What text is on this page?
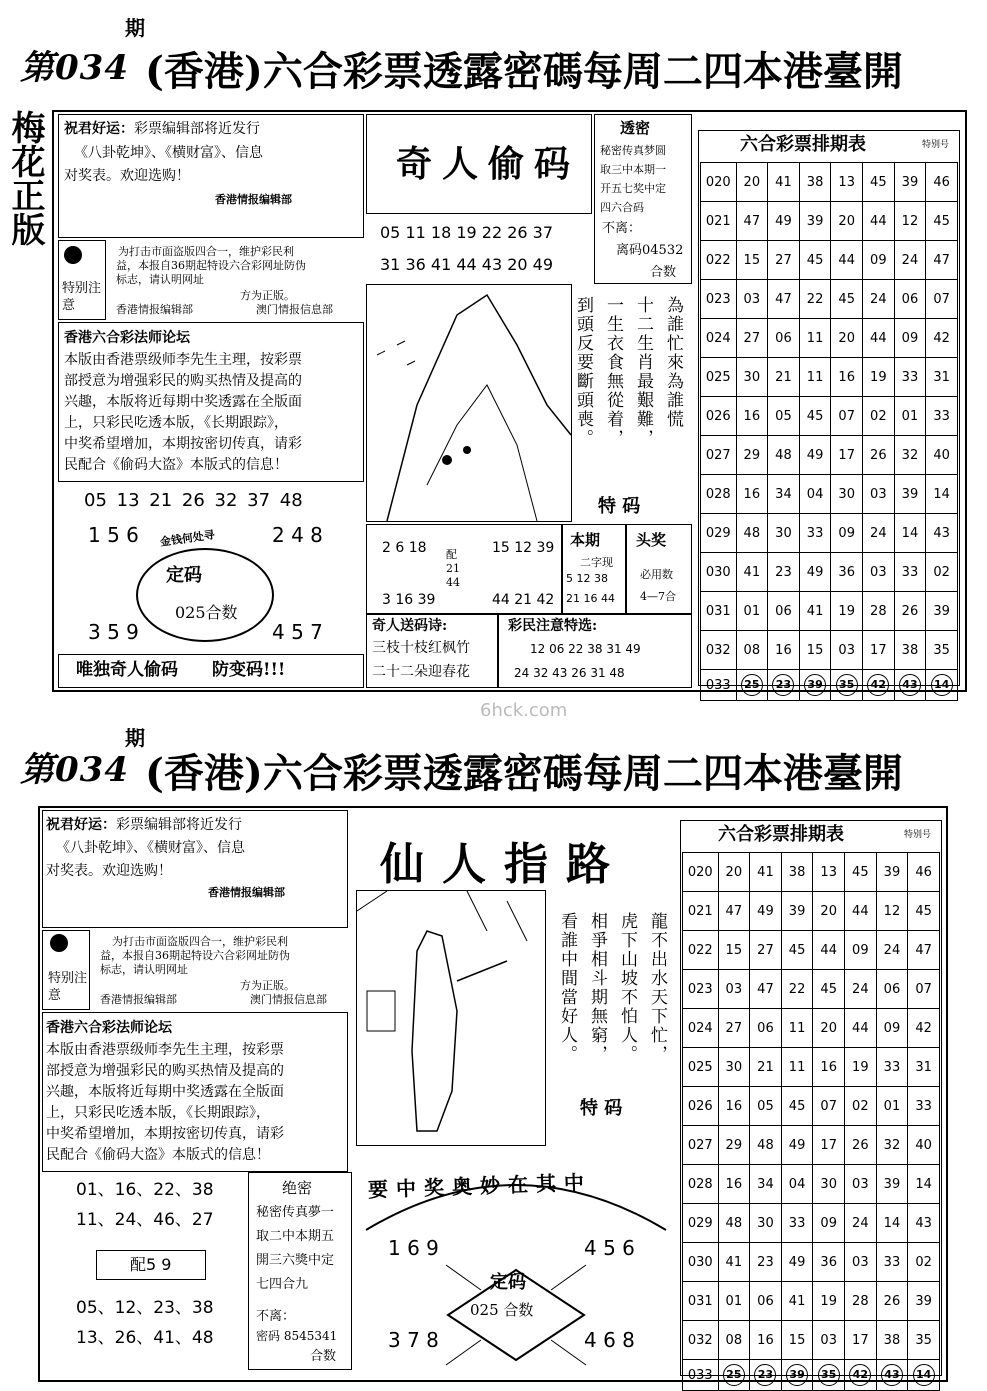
第034
期
(香港)六合彩票透露密碼每周二四本港臺開
梅花正版 祝君好运：彩票编辑部将近发行
《八卦乾坤》、《横财富》、信息
对奖表。欢迎选购！
香港情报编辑部
特别注意
为打击市面盗版四合一，维护彩民利
益，本报自36期起特设六合彩网址防伪
标志，请认明网址
方为正版。
香港情报编辑部	澳门情报信息部
香港六合彩法师论坛
本版由香港票级师李先生主理，按彩票
部授意为增强彩民的购买热情及提高的
兴趣，本版将近每期中奖透露在全版面
上，只彩民吃透本版，《长期跟踪》，
中奖希望增加，本期按密切传真，请彩
民配合《偷码大盗》本版式的信息！
05 13 21 26 32 37 48
1 5 6	2 4 8
金钱何处寻
定码
025合数
3 5 9	4 5 7
唯独奇人偷码　　防变码!!!
奇人偷码
透密
秘密传真梦圆
取三中本期一
开五七奖中定
四六合码
不离：
离码04532
合数
05 11 18 19 22 26 37
31 36 41 44 43 20 49
為誰忙來為誰慌
十二生肖最艱難，
一生衣食無從着，
到頭反要斷頭喪。
特 码
2 6 18
3 16 39
配21 44
15 12 39
44 21 42
本期
二字现
5 12 38
21 16 44
头奖
必用数
4—7合
奇人送码诗:
三枝十枝红枫竹
二十二朵迎春花
彩民注意特选:
12 06 22 38 31 49
24 32 43 26 31 48
六合彩票排期表	特别号
020	20	41	38	13	45	39	46
021	47	49	39	20	44	12	45
022	15	27	45	44	09	24	47
023	03	47	22	45	24	06	07
024	27	06	11	20	44	09	42
025	30	21	11	16	19	33	31
026	16	05	45	07	02	01	33
027	29	48	49	17	26	32	40
028	16	34	04	30	03	39	14
029	48	30	33	09	24	14	43
030	41	23	49	36	03	33	02
031	01	06	41	19	28	26	39
032	08	16	15	03	17	38	35
033	25	23	39	35	42	43	14
6hck.com
第034
期
(香港)六合彩票透露密碼每周二四本港臺開
祝君好运：彩票编辑部将近发行
《八卦乾坤》、《横财富》、信息
对奖表。欢迎选购！
香港情报编辑部
特别注意
为打击市面盗版四合一，维护彩民利
益，本报自36期起特设六合彩网址防伪
标志，请认明网址
方为正版。
香港情报编辑部	澳门情报信息部
香港六合彩法师论坛
本版由香港票级师李先生主理，按彩票
部授意为增强彩民的购买热情及提高的
兴趣，本版将近每期中奖透露在全版面
上，只彩民吃透本版，《长期跟踪》，
中奖希望增加，本期按密切传真，请彩
民配合《偷码大盗》本版式的信息！
01、16、22、38
11、24、46、27
配5 9
05、12、23、38
13、26、41、48
绝密
秘密传真夢一
取二中本期五
開三六獎中定
七四合九
不离：
密码 8545341
合数
仙人指路
龍不出水天下忙，
虎下山坡不怕人。
相爭相斗期無窮，
看誰中間當好人。
特 码
要中奖奥妙在其中
1 6 9	4 5 6
定码
025 合数
3 7 8	4 6 8
六合彩票排期表	特别号
020	20	41	38	13	45	39	46
021	47	49	39	20	44	12	45
022	15	27	45	44	09	24	47
023	03	47	22	45	24	06	07
024	27	06	11	20	44	09	42
025	30	21	11	16	19	33	31
026	16	05	45	07	02	01	33
027	29	48	49	17	26	32	40
028	16	34	04	30	03	39	14
029	48	30	33	09	24	14	43
030	41	23	49	36	03	33	02
031	01	06	41	19	28	26	39
032	08	16	15	03	17	38	35
033	25	23	39	35	42	43	14
